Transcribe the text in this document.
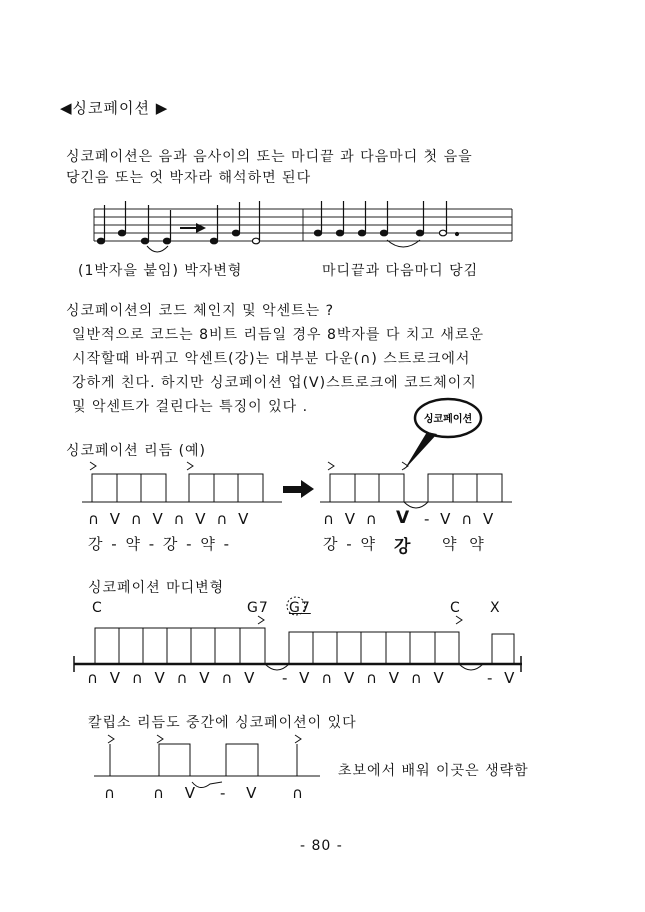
◀싱코페이션 ▶
싱코페이션은 음과 음사이의 또는 마디끝 과 다음마디 첫 음을
당긴음 또는 엇 박자라 해석하면 된다
(1박자을 붙임) 박자변형	마디끝과 다음마디 당김
싱코페이션의 코드 체인지 및 악센트는 ?
일반적으로 코드는 8비트 리듬일 경우 8박자를 다 치고 새로운
시작할때 바뀌고 악센트(강)는 대부분 다운(∩) 스트로크에서
강하게 친다. 하지만 싱코페이션 업(V)스트로크에 코드체이지
및 악센트가 걸린다는 특징이 있다 .
싱코페이션 리듬 (예)
∩ V ∩ V ∩ V ∩ V
강 - 약 - 강 - 약 -
∩ V ∩ V - V ∩ V
강 - 약 강 약 약
싱코페이션 마디변형
C	G7 G7	C X
∩ V ∩ V ∩ V ∩ V - V ∩ V ∩ V ∩ V	- V
칼립소 리듬도 중간에 싱코페이션이 있다
초보에서 배워 이곳은 생략함
∩	∩ V - V ∩
- 80 -
싱코페이션
